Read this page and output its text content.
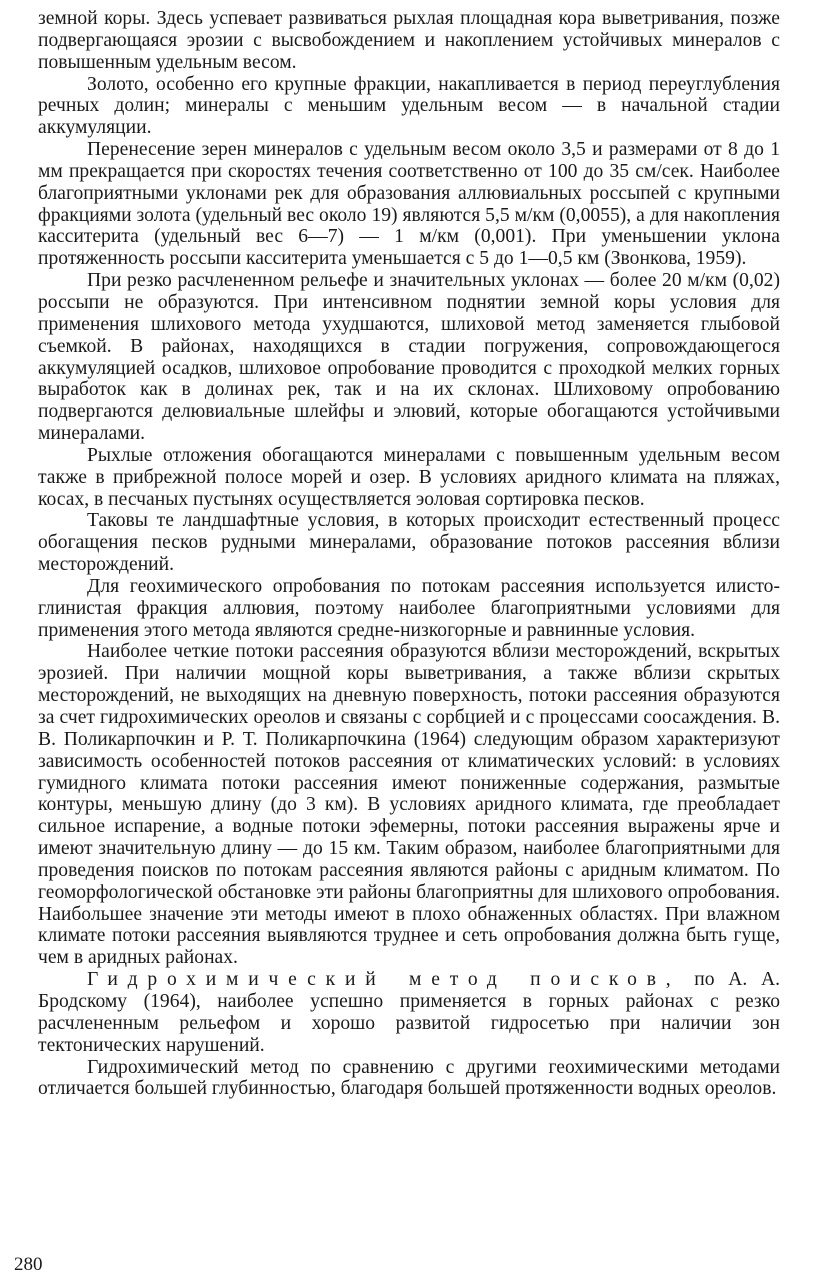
земной коры. Здесь успевает развиваться рыхлая площадная кора выветривания, позже подвергающаяся эрозии с высвобождением и накоплением устойчивых минералов с повышенным удельным весом.

Золото, особенно его крупные фракции, накапливается в период переуглубления речных долин; минералы с меньшим удельным весом — в начальной стадии аккумуляции.

Перенесение зерен минералов с удельным весом около 3,5 и размерами от 8 до 1 мм прекращается при скоростях течения соответственно от 100 до 35 см/сек. Наиболее благоприятными уклонами рек для образования аллювиальных россыпей с крупными фракциями золота (удельный вес около 19) являются 5,5 м/км (0,0055), а для накопления касситерита (удельный вес 6—7) — 1 м/км (0,001). При уменьшении уклона протяженность россыпи касситерита уменьшается с 5 до 1—0,5 км (Звонкова, 1959).

При резко расчлененном рельефе и значительных уклонах — более 20 м/км (0,02) россыпи не образуются. При интенсивном поднятии земной коры условия для применения шлихового метода ухудшаются, шлиховой метод заменяется глыбовой съемкой. В районах, находящихся в стадии погружения, сопровождающегося аккумуляцией осадков, шлиховое опробование проводится с проходкой мелких горных выработок как в долинах рек, так и на их склонах. Шлиховому опробованию подвергаются делювиальные шлейфы и элювий, которые обогащаются устойчивыми минералами.

Рыхлые отложения обогащаются минералами с повышенным удельным весом также в прибрежной полосе морей и озер. В условиях аридного климата на пляжах, косах, в песчаных пустынях осуществляется эоловая сортировка песков.

Таковы те ландшафтные условия, в которых происходит естественный процесс обогащения песков рудными минералами, образование потоков рассеяния вблизи месторождений.

Для геохимического опробования по потокам рассеяния используется илисто-глинистая фракция аллювия, поэтому наиболее благоприятными условиями для применения этого метода являются средне-низкогорные и равнинные условия.

Наиболее четкие потоки рассеяния образуются вблизи месторождений, вскрытых эрозией. При наличии мощной коры выветривания, а также вблизи скрытых месторождений, не выходящих на дневную поверхность, потоки рассеяния образуются за счет гидрохимических ореолов и связаны с сорбцией и с процессами соосаждения. В. В. Поликарпочкин и Р. Т. Поликарпочкина (1964) следующим образом характеризуют зависимость особенностей потоков рассеяния от климатических условий: в условиях гумидного климата потоки рассеяния имеют пониженные содержания, размытые контуры, меньшую длину (до 3 км). В условиях аридного климата, где преобладает сильное испарение, а водные потоки эфемерны, потоки рассеяния выражены ярче и имеют значительную длину — до 15 км. Таким образом, наиболее благоприятными для проведения поисков по потокам рассеяния являются районы с аридным климатом. По геоморфологической обстановке эти районы благоприятны для шлихового опробования. Наибольшее значение эти методы имеют в плохо обнаженных областях. При влажном климате потоки рассеяния выявляются труднее и сеть опробования должна быть гуще, чем в аридных районах.

Гидрохимический метод поисков, по А. А. Бродскому (1964), наиболее успешно применяется в горных районах с резко расчлененным рельефом и хорошо развитой гидросетью при наличии зон тектонических нарушений.

Гидрохимический метод по сравнению с другими геохимическими методами отличается большей глубинностью, благодаря большей протяженности водных ореолов.

280
